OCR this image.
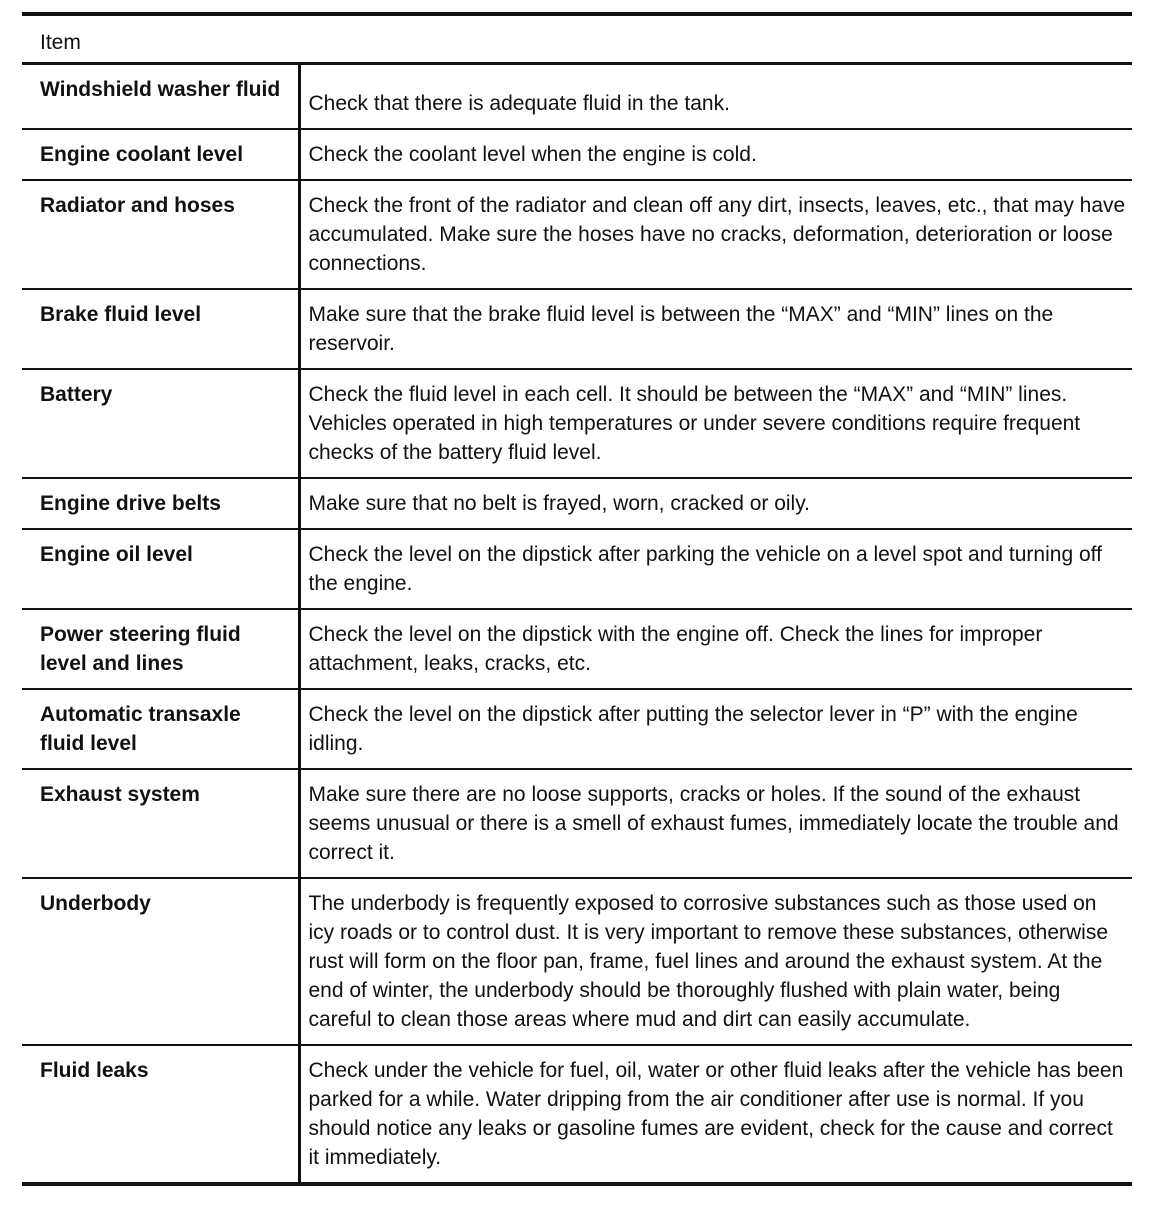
Item
Windshield washer fluid	Check that there is adequate fluid in the tank.
Engine coolant level	Check the coolant level when the engine is cold.
Radiator and hoses	Check the front of the radiator and clean off any dirt, insects, leaves, etc., that may have accumulated. Make sure the hoses have no cracks, deformation, deterioration or loose connections.
Brake fluid level	Make sure that the brake fluid level is between the “MAX” and “MIN” lines on the reservoir.
Battery	Check the fluid level in each cell. It should be between the “MAX” and “MIN” lines. Vehicles operated in high temperatures or under severe conditions require frequent checks of the battery fluid level.
Engine drive belts	Make sure that no belt is frayed, worn, cracked or oily.
Engine oil level	Check the level on the dipstick after parking the vehicle on a level spot and turning off the engine.
Power steering fluid level and lines	Check the level on the dipstick with the engine off. Check the lines for improper attachment, leaks, cracks, etc.
Automatic transaxle fluid level	Check the level on the dipstick after putting the selector lever in “P” with the engine idling.
Exhaust system	Make sure there are no loose supports, cracks or holes. If the sound of the exhaust seems unusual or there is a smell of exhaust fumes, immediately locate the trouble and correct it.
Underbody	The underbody is frequently exposed to corrosive substances such as those used on icy roads or to control dust. It is very important to remove these substances, otherwise rust will form on the floor pan, frame, fuel lines and around the exhaust system. At the end of winter, the underbody should be thoroughly flushed with plain water, being careful to clean those areas where mud and dirt can easily accumulate.
Fluid leaks	Check under the vehicle for fuel, oil, water or other fluid leaks after the vehicle has been parked for a while. Water dripping from the air conditioner after use is normal. If you should notice any leaks or gasoline fumes are evident, check for the cause and correct it immediately.
